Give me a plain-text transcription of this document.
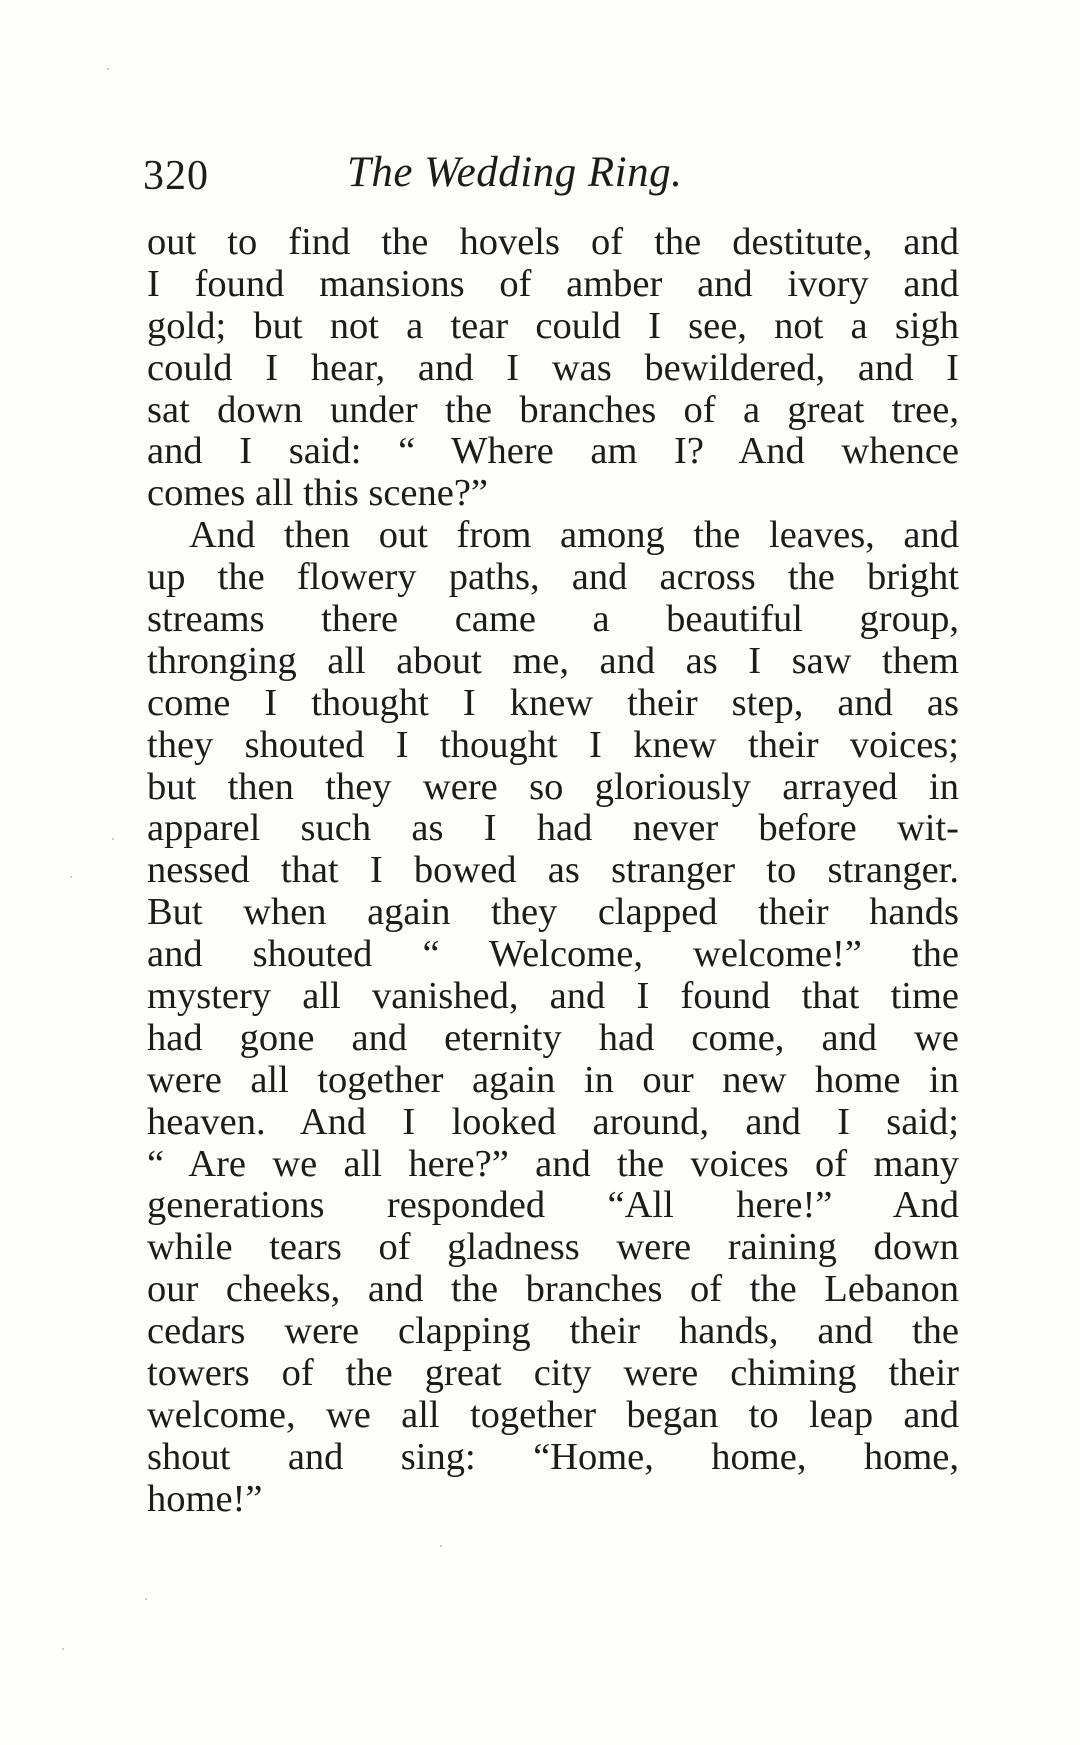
320	The Wedding Ring.
out to find the hovels of the destitute, and
I found mansions of amber and ivory and
gold; but not a tear could I see, not a sigh
could I hear, and I was bewildered, and I
sat down under the branches of a great tree,
and I said: “ Where am I? And whence
comes all this scene?”
And then out from among the leaves, and
up the flowery paths, and across the bright
streams there came a beautiful group,
thronging all about me, and as I saw them
come I thought I knew their step, and as
they shouted I thought I knew their voices;
but then they were so gloriously arrayed in
apparel such as I had never before wit-
nessed that I bowed as stranger to stranger.
But when again they clapped their hands
and shouted “ Welcome, welcome!” the
mystery all vanished, and I found that time
had gone and eternity had come, and we
were all together again in our new home in
heaven. And I looked around, and I said;
“ Are we all here?” and the voices of many
generations responded “All here!” And
while tears of gladness were raining down
our cheeks, and the branches of the Lebanon
cedars were clapping their hands, and the
towers of the great city were chiming their
welcome, we all together began to leap and
shout and sing: “Home, home, home,
home!”
